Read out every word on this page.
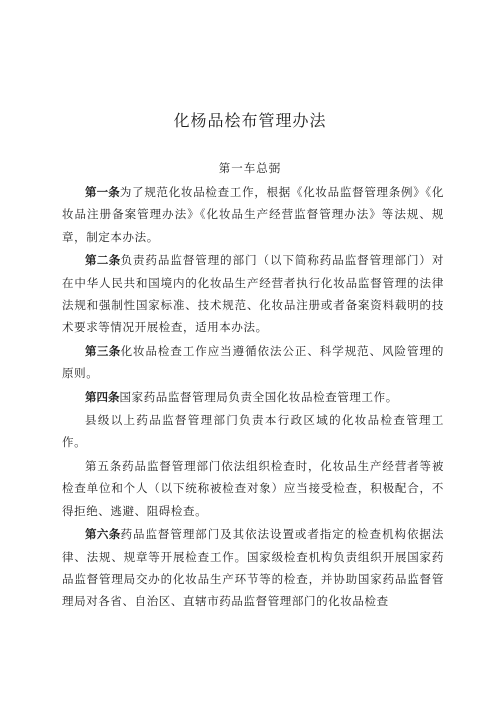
化杨品桧布管理办法
第一车总弼

第一条为了规范化妆品检查工作，根据《化妆品监督管理条例》《化妆品注册备案管理办法》《化妆品生产经营监督管理办法》等法规、规章，制定本办法。

第二条负责药品监督管理的部门（以下简称药品监督管理部门）对在中华人民共和国境内的化妆品生产经营者执行化妆品监督管理的法律法规和强制性国家标准、技术规范、化妆品注册或者备案资料载明的技术要求等情况开展检查，适用本办法。

第三条化妆品检查工作应当遵循依法公正、科学规范、风险管理的原则。

第四条国家药品监督管理局负责全国化妆品检查管理工作。

县级以上药品监督管理部门负责本行政区域的化妆品检查管理工作。

第五条药品监督管理部门依法组织检查时，化妆品生产经营者等被检查单位和个人（以下统称被检查对象）应当接受检查，积极配合，不得拒绝、逃避、阻碍检查。

第六条药品监督管理部门及其依法设置或者指定的检查机构依据法律、法规、规章等开展检查工作。国家级检查机构负责组织开展国家药品监督管理局交办的化妆品生产环节等的检查，并协助国家药品监督管理局对各省、自治区、直辖市药品监督管理部门的化妆品检查
